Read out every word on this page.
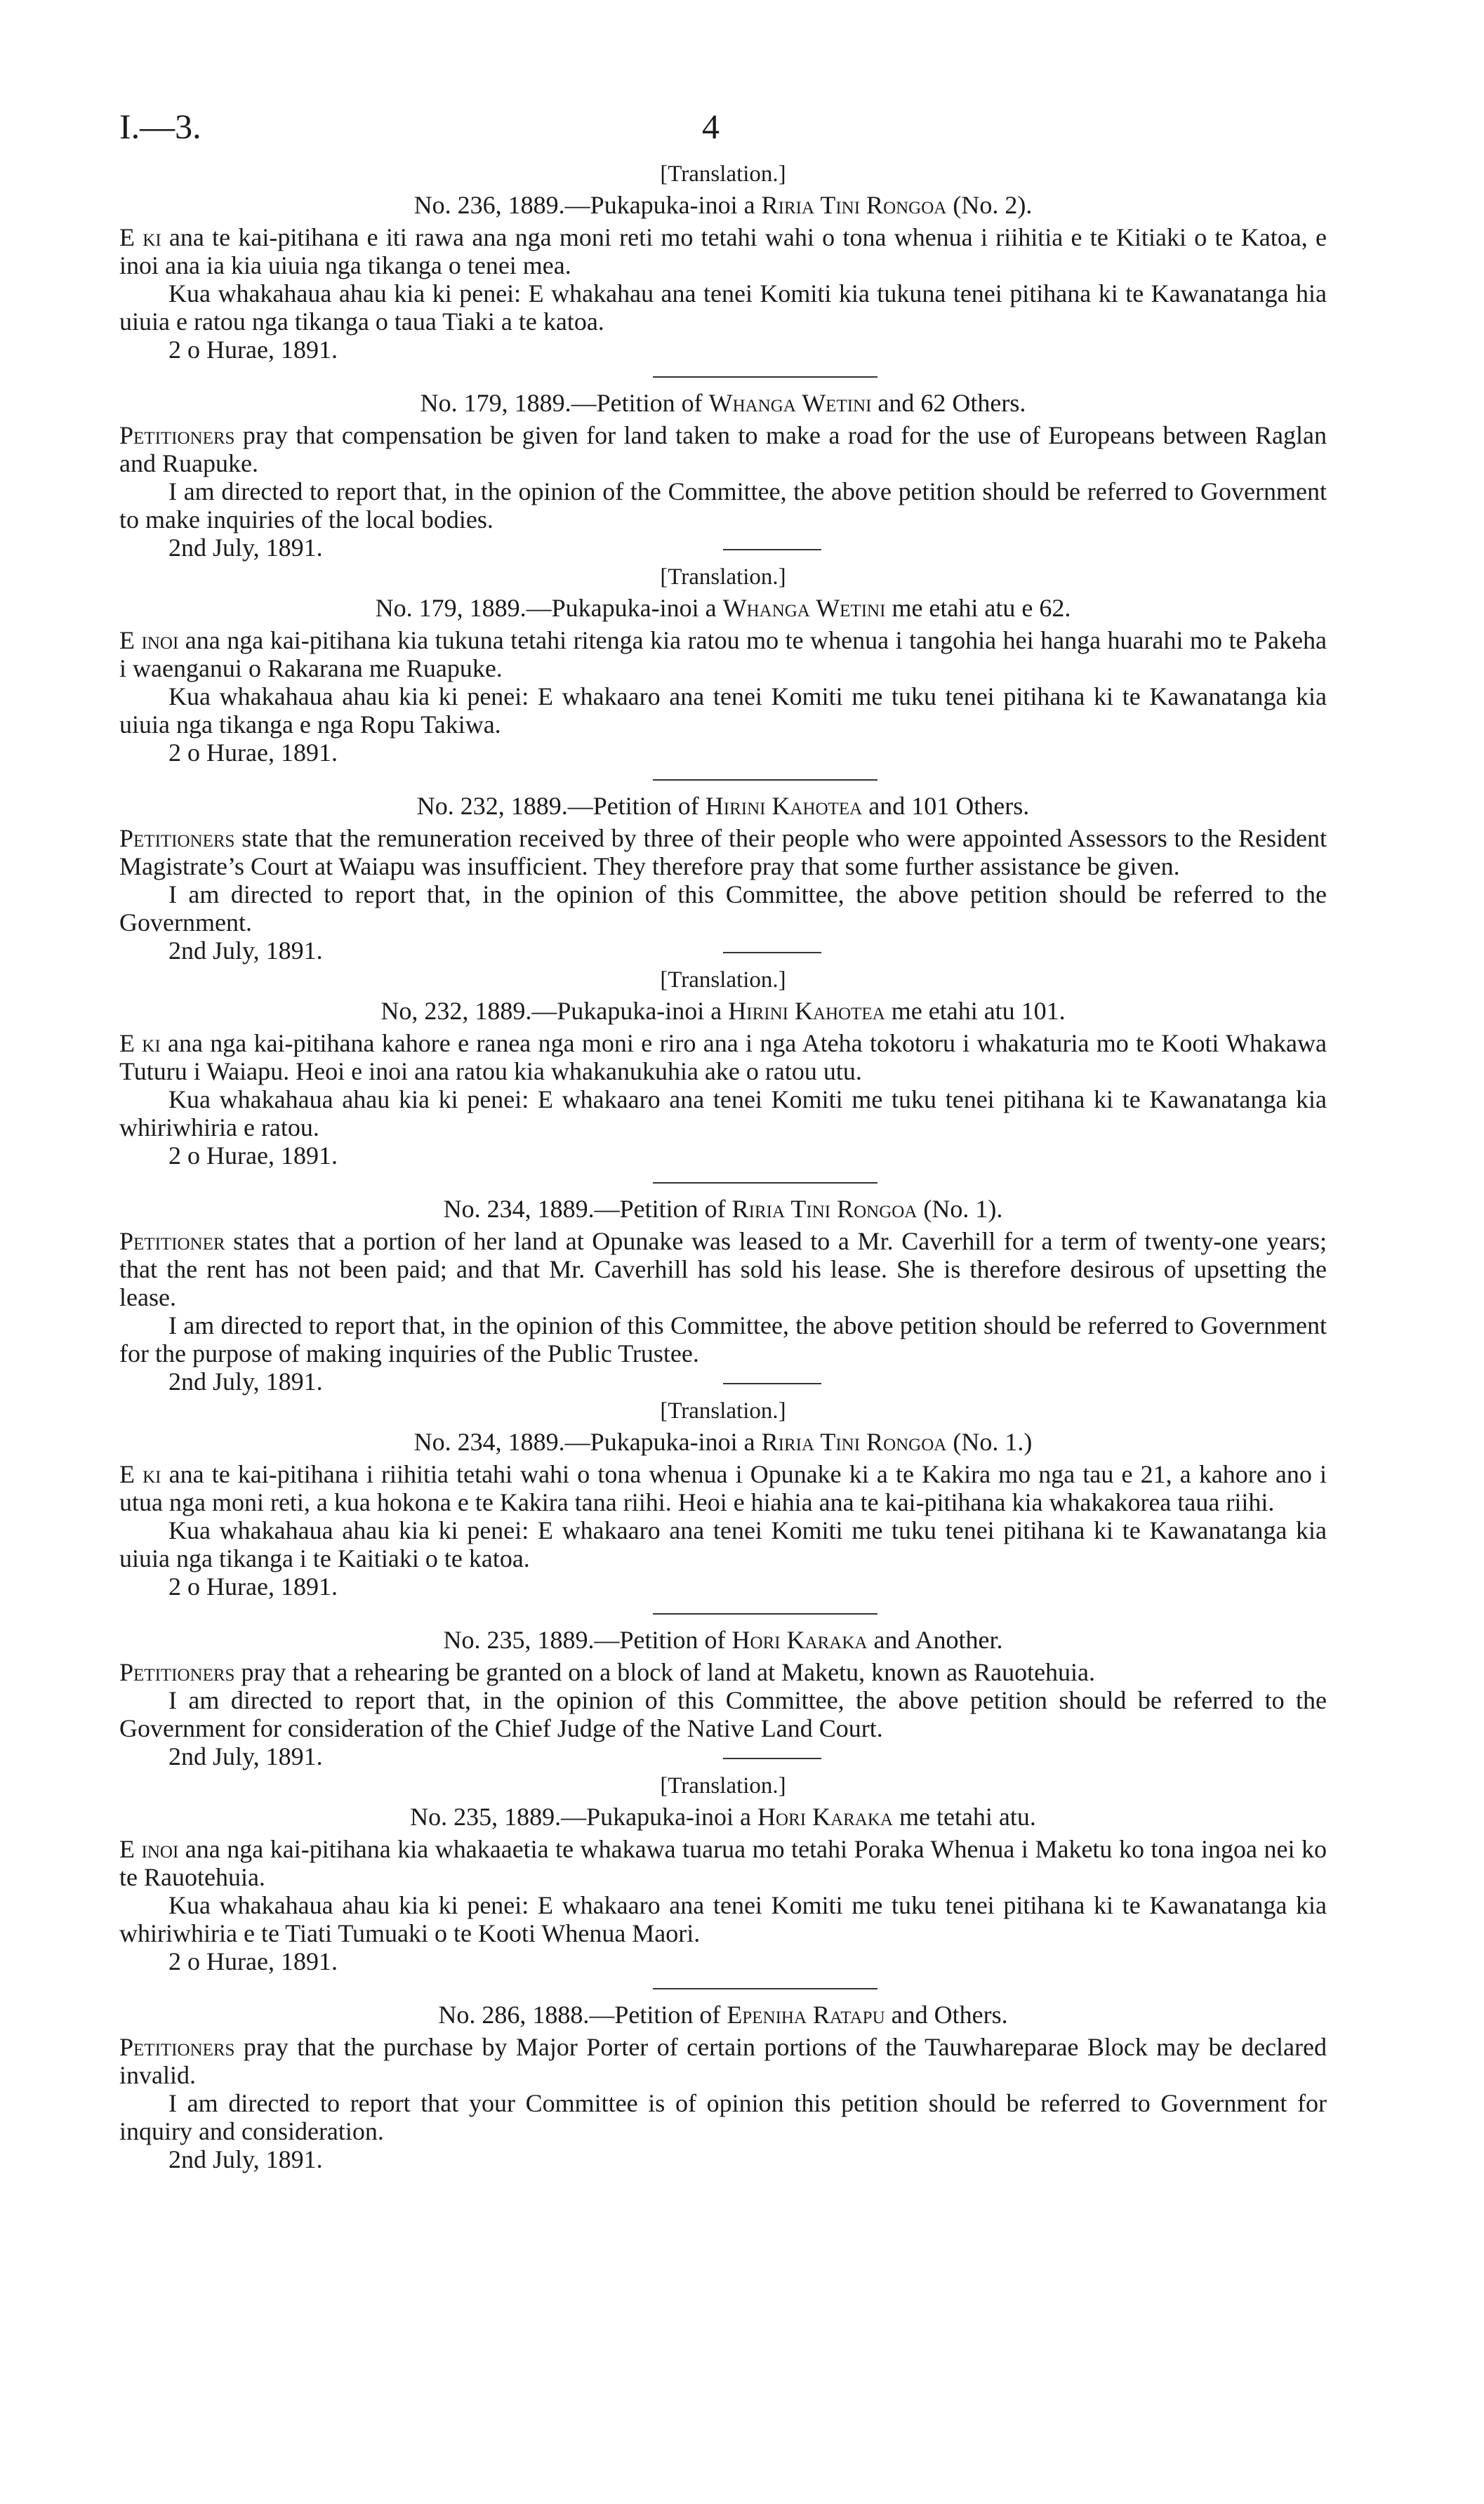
I.—3.	4
[Translation.]
No. 236, 1889.—Pukapuka-inoi a Riria Tini Rongoa (No. 2).

E ki ana te kai-pitihana e iti rawa ana nga moni reti mo tetahi wahi o tona whenua i riihitia e te Kitiaki o te Katoa, e inoi ana ia kia uiuia nga tikanga o tenei mea.

Kua whakahaua ahau kia ki penei: E whakahau ana tenei Komiti kia tukuna tenei pitihana ki te Kawanatanga hia uiuia e ratou nga tikanga o taua Tiaki a te katoa.

2 o Hurae, 1891.

No. 179, 1889.—Petition of Whanga Wetini and 62 Others.

Petitioners pray that compensation be given for land taken to make a road for the use of Europeans between Raglan and Ruapuke.

I am directed to report that, in the opinion of the Committee, the above petition should be referred to Government to make inquiries of the local bodies.

2nd July, 1891.

[Translation.]
No. 179, 1889.—Pukapuka-inoi a Whanga Wetini me etahi atu e 62.

E inoi ana nga kai-pitihana kia tukuna tetahi ritenga kia ratou mo te whenua i tangohia hei hanga huarahi mo te Pakeha i waenganui o Rakarana me Ruapuke.

Kua whakahaua ahau kia ki penei: E whakaaro ana tenei Komiti me tuku tenei pitihana ki te Kawanatanga kia uiuia nga tikanga e nga Ropu Takiwa.

2 o Hurae, 1891.

No. 232, 1889.—Petition of Hirini Kahotea and 101 Others.

Petitioners state that the remuneration received by three of their people who were appointed Assessors to the Resident Magistrate’s Court at Waiapu was insufficient. They therefore pray that some further assistance be given.

I am directed to report that, in the opinion of this Committee, the above petition should be referred to the Government.

2nd July, 1891.

[Translation.]
No, 232, 1889.—Pukapuka-inoi a Hirini Kahotea me etahi atu 101.

E ki ana nga kai-pitihana kahore e ranea nga moni e riro ana i nga Ateha tokotoru i whakaturia mo te Kooti Whakawa Tuturu i Waiapu. Heoi e inoi ana ratou kia whakanukuhia ake o ratou utu.

Kua whakahaua ahau kia ki penei: E whakaaro ana tenei Komiti me tuku tenei pitihana ki te Kawanatanga kia whiriwhiria e ratou.

2 o Hurae, 1891.

No. 234, 1889.—Petition of Riria Tini Rongoa (No. 1).

Petitioner states that a portion of her land at Opunake was leased to a Mr. Caverhill for a term of twenty-one years; that the rent has not been paid; and that Mr. Caverhill has sold his lease. She is therefore desirous of upsetting the lease.

I am directed to report that, in the opinion of this Committee, the above petition should be referred to Government for the purpose of making inquiries of the Public Trustee.

2nd July, 1891.

[Translation.]
No. 234, 1889.—Pukapuka-inoi a Riria Tini Rongoa (No. 1.)

E ki ana te kai-pitihana i riihitia tetahi wahi o tona whenua i Opunake ki a te Kakira mo nga tau e 21, a kahore ano i utua nga moni reti, a kua hokona e te Kakira tana riihi. Heoi e hiahia ana te kai-pitihana kia whakakorea taua riihi.

Kua whakahaua ahau kia ki penei: E whakaaro ana tenei Komiti me tuku tenei pitihana ki te Kawanatanga kia uiuia nga tikanga i te Kaitiaki o te katoa.

2 o Hurae, 1891.

No. 235, 1889.—Petition of Hori Karaka and Another.

Petitioners pray that a rehearing be granted on a block of land at Maketu, known as Rauotehuia.

I am directed to report that, in the opinion of this Committee, the above petition should be referred to the Government for consideration of the Chief Judge of the Native Land Court.

2nd July, 1891.

[Translation.]
No. 235, 1889.—Pukapuka-inoi a Hori Karaka me tetahi atu.

E inoi ana nga kai-pitihana kia whakaaetia te whakawa tuarua mo tetahi Poraka Whenua i Maketu ko tona ingoa nei ko te Rauotehuia.

Kua whakahaua ahau kia ki penei: E whakaaro ana tenei Komiti me tuku tenei pitihana ki te Kawanatanga kia whiriwhiria e te Tiati Tumuaki o te Kooti Whenua Maori.

2 o Hurae, 1891.

No. 286, 1888.—Petition of Epeniha Ratapu and Others.

Petitioners pray that the purchase by Major Porter of certain portions of the Tauwhareparae Block may be declared invalid.

I am directed to report that your Committee is of opinion this petition should be referred to Government for inquiry and consideration.

2nd July, 1891.
